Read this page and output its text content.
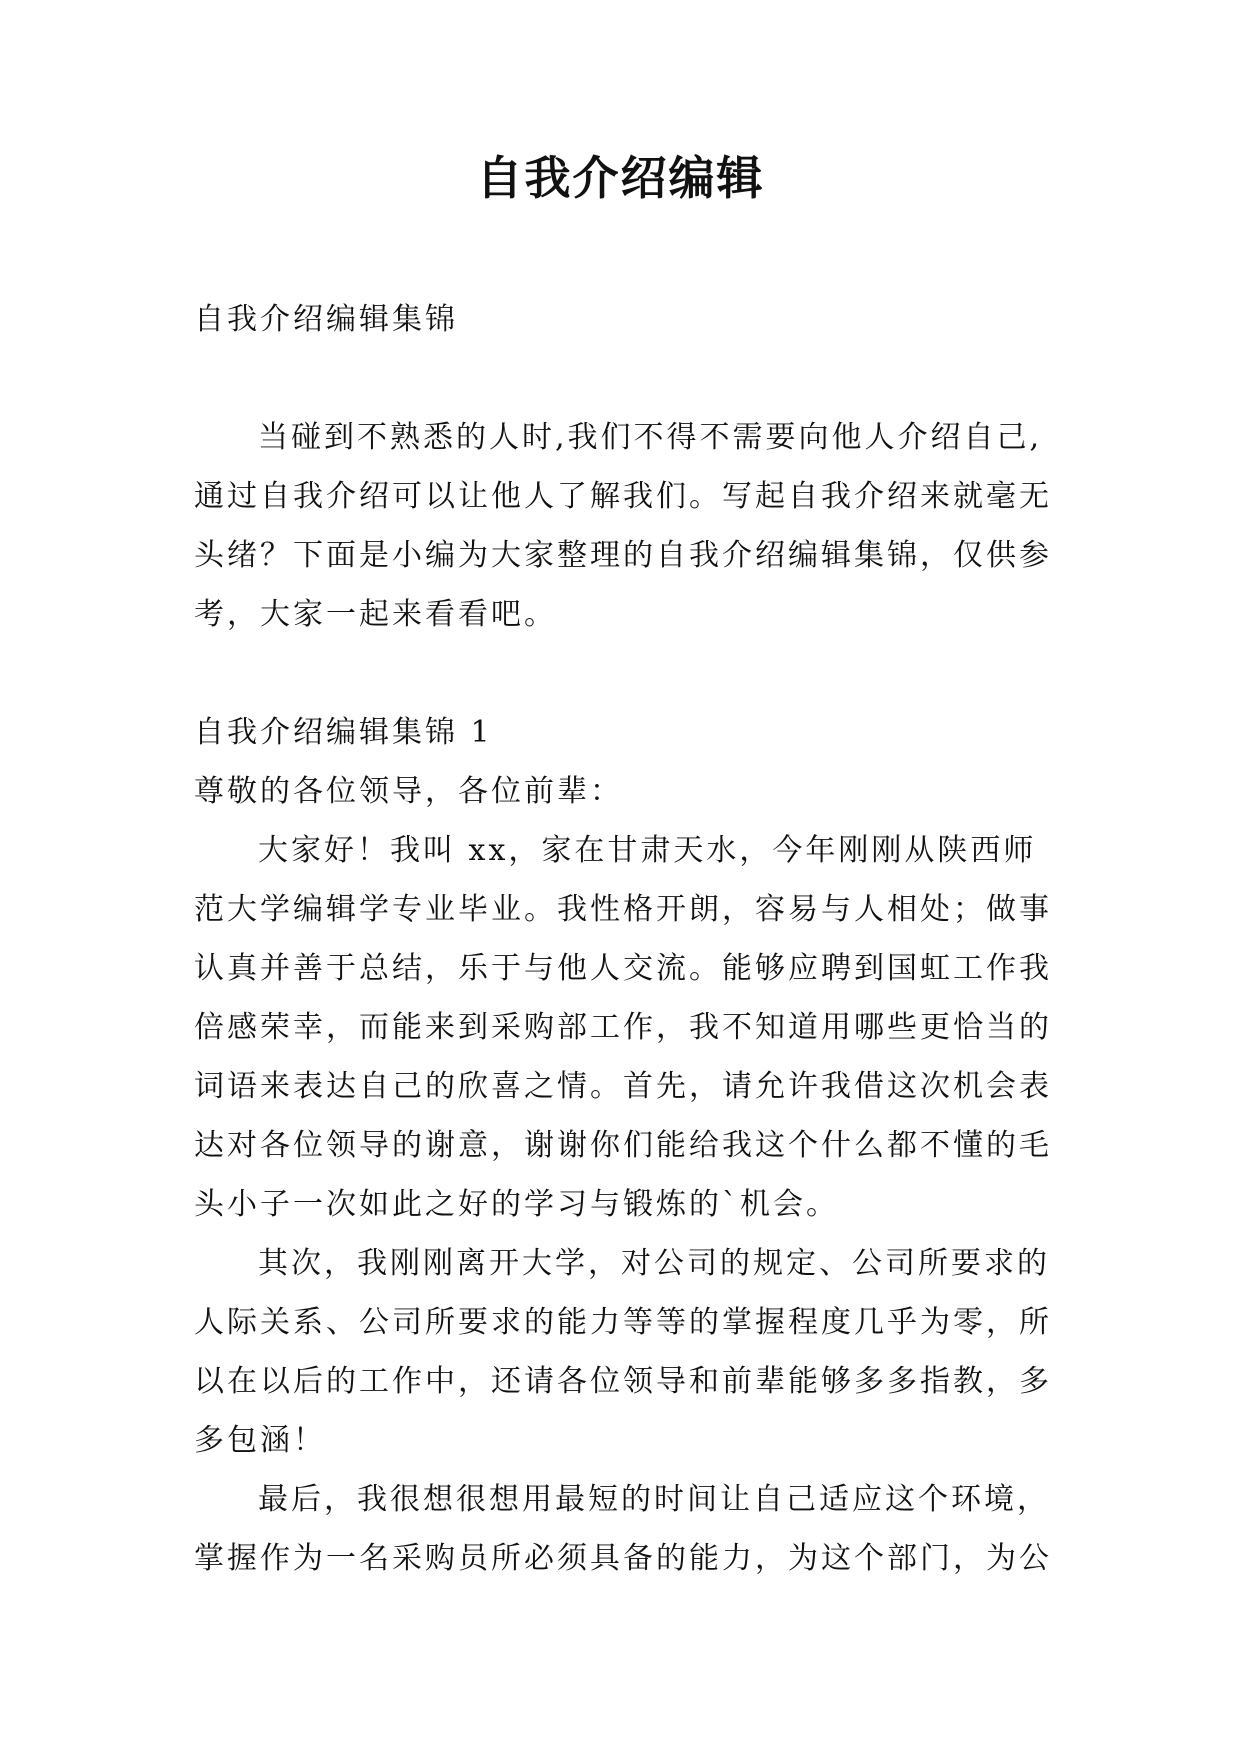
自我介绍编辑

自我介绍编辑集锦

当碰到不熟悉的人时,我们不得不需要向他人介绍自己,通过自我介绍可以让他人了解我们。写起自我介绍来就毫无头绪？下面是小编为大家整理的自我介绍编辑集锦，仅供参考，大家一起来看看吧。

自我介绍编辑集锦 1

尊敬的各位领导，各位前辈：

大家好！我叫 xx，家在甘肃天水，今年刚刚从陕西师范大学编辑学专业毕业。我性格开朗，容易与人相处；做事认真并善于总结，乐于与他人交流。能够应聘到国虹工作我倍感荣幸，而能来到采购部工作，我不知道用哪些更恰当的词语来表达自己的欣喜之情。首先，请允许我借这次机会表达对各位领导的谢意，谢谢你们能给我这个什么都不懂的毛头小子一次如此之好的学习与锻炼的`机会。

其次，我刚刚离开大学，对公司的规定、公司所要求的人际关系、公司所要求的能力等等的掌握程度几乎为零，所以在以后的工作中，还请各位领导和前辈能够多多指教，多多包涵！

最后，我很想很想用最短的时间让自己适应这个环境，掌握作为一名采购员所必须具备的能力，为这个部门，为公
